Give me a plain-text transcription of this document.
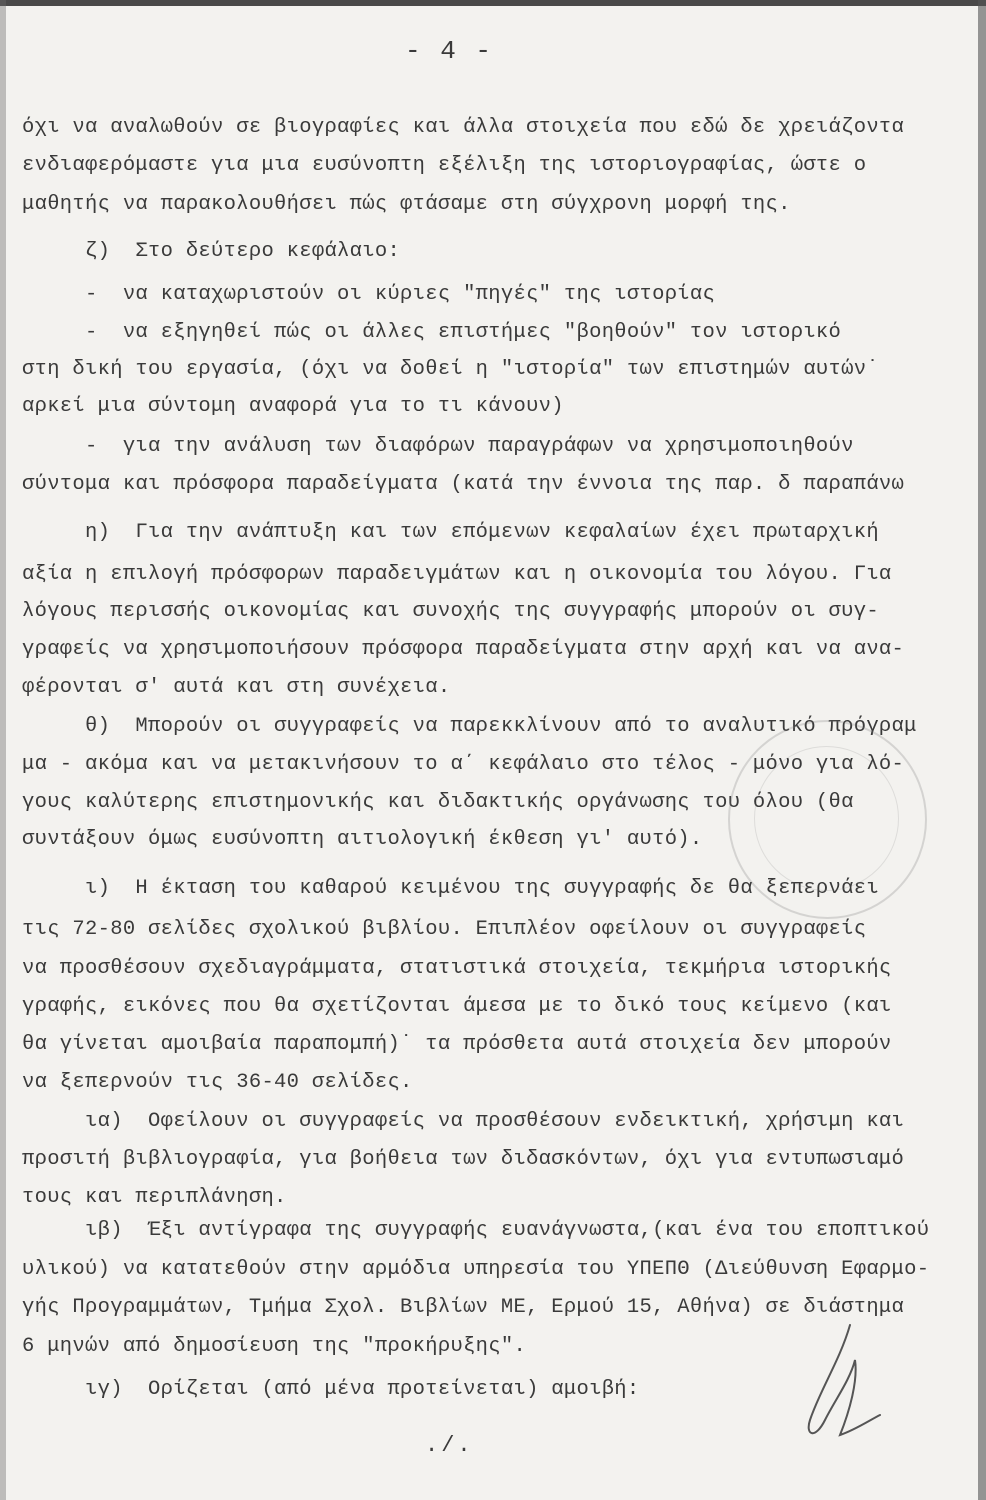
- 4 -
όχι να αναλωθούν σε βιογραφίες και άλλα στοιχεία που εδώ δε χρειάζοντα
ενδιαφερόμαστε για μια ευσύνοπτη εξέλιξη της ιστοριογραφίας, ώστε ο
μαθητής να παρακολουθήσει πώς φτάσαμε στη σύγχρονη μορφή της.
ζ)  Στο δεύτερο κεφάλαιο:
-  να καταχωριστούν οι κύριες "πηγές" της ιστορίας
-  να εξηγηθεί πώς οι άλλες επιστήμες "βοηθούν" τον ιστορικό
στη δική του εργασία, (όχι να δοθεί η "ιστορία" των επιστημών αυτών˙
αρκεί μια σύντομη αναφορά για το τι κάνουν)
-  για την ανάλυση των διαφόρων παραγράφων να χρησιμοποιηθούν
σύντομα και πρόσφορα παραδείγματα (κατά την έννοια της παρ. δ παραπάνω
η)  Για την ανάπτυξη και των επόμενων κεφαλαίων έχει πρωταρχική
αξία η επιλογή πρόσφορων παραδειγμάτων και η οικονομία του λόγου. Για
λόγους περισσής οικονομίας και συνοχής της συγγραφής μπορούν οι συγ-
γραφείς να χρησιμοποιήσουν πρόσφορα παραδείγματα στην αρχή και να ανα-
φέρονται σ' αυτά και στη συνέχεια.
θ)  Μπορούν οι συγγραφείς να παρεκκλίνουν από το αναλυτικό πρόγραμ
μα - ακόμα και να μετακινήσουν το α΄ κεφάλαιο στο τέλος - μόνο για λό-
γους καλύτερης επιστημονικής και διδακτικής οργάνωσης του όλου (θα
συντάξουν όμως ευσύνοπτη αιτιολογική έκθεση γι' αυτό).
ι)  Η έκταση του καθαρού κειμένου της συγγραφής δε θα ξεπερνάει
τις 72-80 σελίδες σχολικού βιβλίου. Επιπλέον οφείλουν οι συγγραφείς
να προσθέσουν σχεδιαγράμματα, στατιστικά στοιχεία, τεκμήρια ιστορικής
γραφής, εικόνες που θα σχετίζονται άμεσα με το δικό τους κείμενο (και
θα γίνεται αμοιβαία παραπομπή)˙ τα πρόσθετα αυτά στοιχεία δεν μπορούν
να ξεπερνούν τις 36-40 σελίδες.
ια)  Οφείλουν οι συγγραφείς να προσθέσουν ενδεικτική, χρήσιμη και
προσιτή βιβλιογραφία, για βοήθεια των διδασκόντων, όχι για εντυπωσιαμό
τους και περιπλάνηση.
ιβ)  Έξι αντίγραφα της συγγραφής ευανάγνωστα,(και ένα του εποπτικού
υλικού) να κατατεθούν στην αρμόδια υπηρεσία του ΥΠΕΠΘ (Διεύθυνση Εφαρμο-
γής Προγραμμάτων, Τμήμα Σχολ. Βιβλίων ΜΕ, Ερμού 15, Αθήνα) σε διάστημα
6 μηνών από δημοσίευση της "προκήρυξης".
ιγ)  Ορίζεται (από μένα προτείνεται) αμοιβή:
./.
